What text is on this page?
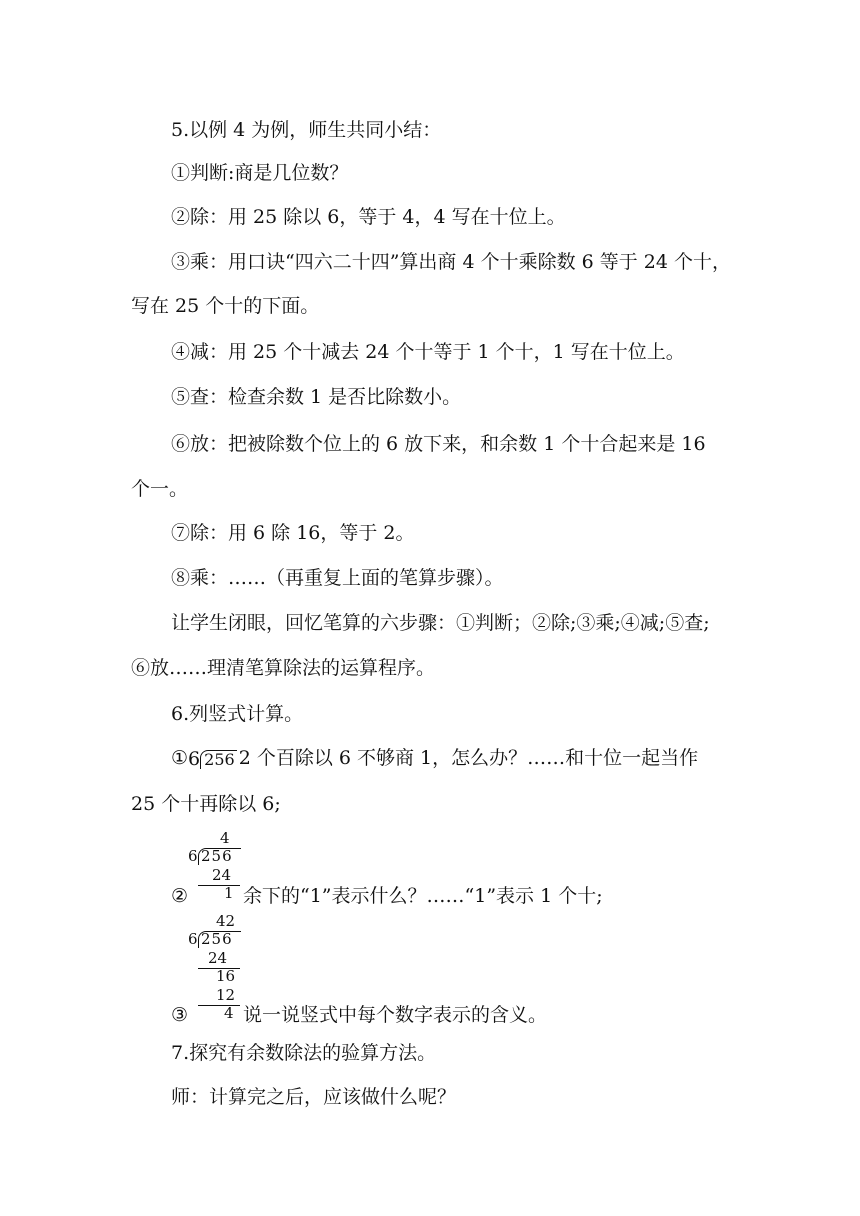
5.以例 4 为例，师生共同小结：
①判断:商是几位数？
②除：用 25 除以 6，等于 4，4 写在十位上。
③乘：用口诀“四六二十四”算出商 4 个十乘除数 6 等于 24 个十，
写在 25 个十的下面。
④减：用 25 个十减去 24 个十等于 1 个十，1 写在十位上。
⑤查：检查余数 1 是否比除数小。
⑥放：把被除数个位上的 6 放下来，和余数 1 个十合起来是 16
个一。
⑦除：用 6 除 16，等于 2。
⑧乘：……（再重复上面的笔算步骤）。
让学生闭眼，回忆笔算的六步骤：①判断；②除;③乘;④减;⑤查;
⑥放……理清笔算除法的运算程序。
6.列竖式计算。
①6 256 2 个百除以 6 不够商 1，怎么办？……和十位一起当作
25 个十再除以 6;
4
6 256
24
1
②	余下的“1”表示什么？……“1”表示 1 个十;
42
6 256
24
16
12
4
③	说一说竖式中每个数字表示的含义。
7.探究有余数除法的验算方法。
师：计算完之后，应该做什么呢？
